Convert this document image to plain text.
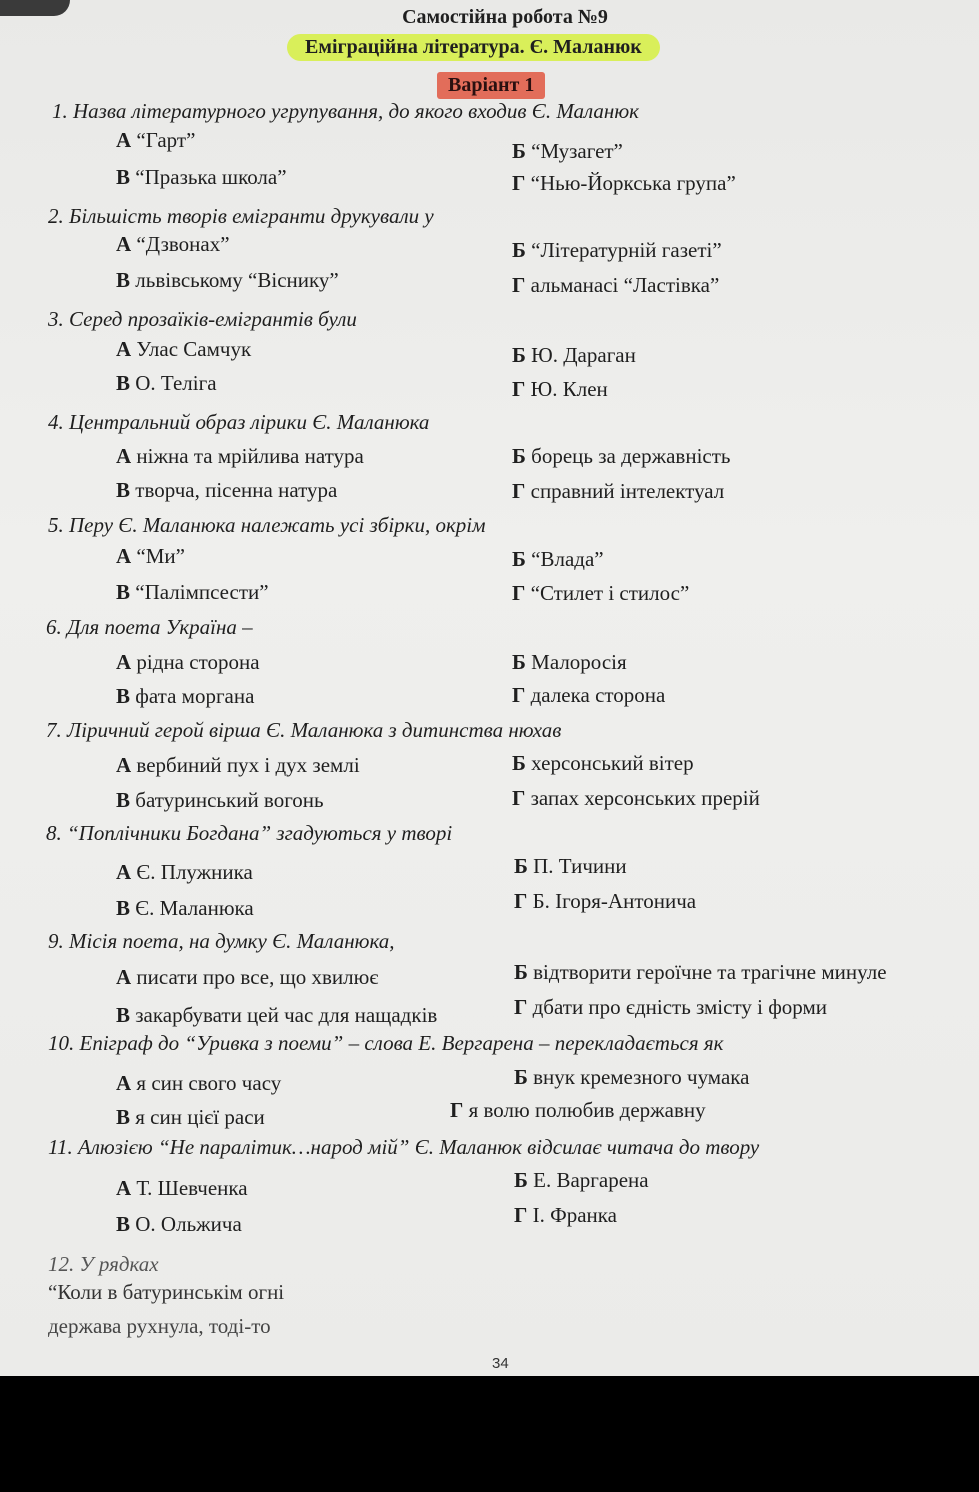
Самостійна робота №9
Еміграційна література. Є. Маланюк
Варіант 1
1. Назва літературного угрупування, до якого входив Є. Маланюк
А “Гарт”	Б “Музагет”
В “Празька школа”	Г “Нью-Йоркська група”
2. Більшість творів емігранти друкували у
А “Дзвонах”	Б “Літературній газеті”
В львівському “Віснику”	Г альманасі “Ластівка”
3. Серед прозаїків-емігрантів були
А Улас Самчук	Б Ю. Дараган
В О. Теліга	Г Ю. Клен
4. Центральний образ лірики Є. Маланюка
А ніжна та мрійлива натура	Б борець за державність
В творча, пісенна натура	Г справний інтелектуал
5. Перу Є. Маланюка належать усі збірки, окрім
А “Ми”	Б “Влада”
В “Палімпсести”	Г “Стилет і стилос”
6. Для поета Україна –
А рідна сторона	Б Малоросія
В фата моргана	Г далека сторона
7. Ліричний герой вірша Є. Маланюка з дитинства нюхав
А вербиний пух і дух землі	Б херсонський вітер
В батуринський вогонь	Г запах херсонських прерій
8. “Поплічники Богдана” згадуються у творі
А Є. Плужника	Б П. Тичини
В Є. Маланюка	Г Б. Ігоря-Антонича
9. Місія поета, на думку Є. Маланюка,
А писати про все, що хвилює	Б відтворити героїчне та трагічне минуле
В закарбувати цей час для нащадків	Г дбати про єдність змісту і форми
10. Епіграф до “Уривка з поеми” – слова Е. Вергарена – перекладається як
А я син свого часу	Б внук кремезного чумака
В я син цієї раси	Г я волю полюбив державну
11. Алюзією “Не паралітик…народ мій” Є. Маланюк відсилає читача до твору
А Т. Шевченка	Б Е. Варгарена
В О. Ольжича	Г І. Франка
12. У рядках
“Коли в батуринськім огні
держава рухнула, тоді-то
34
